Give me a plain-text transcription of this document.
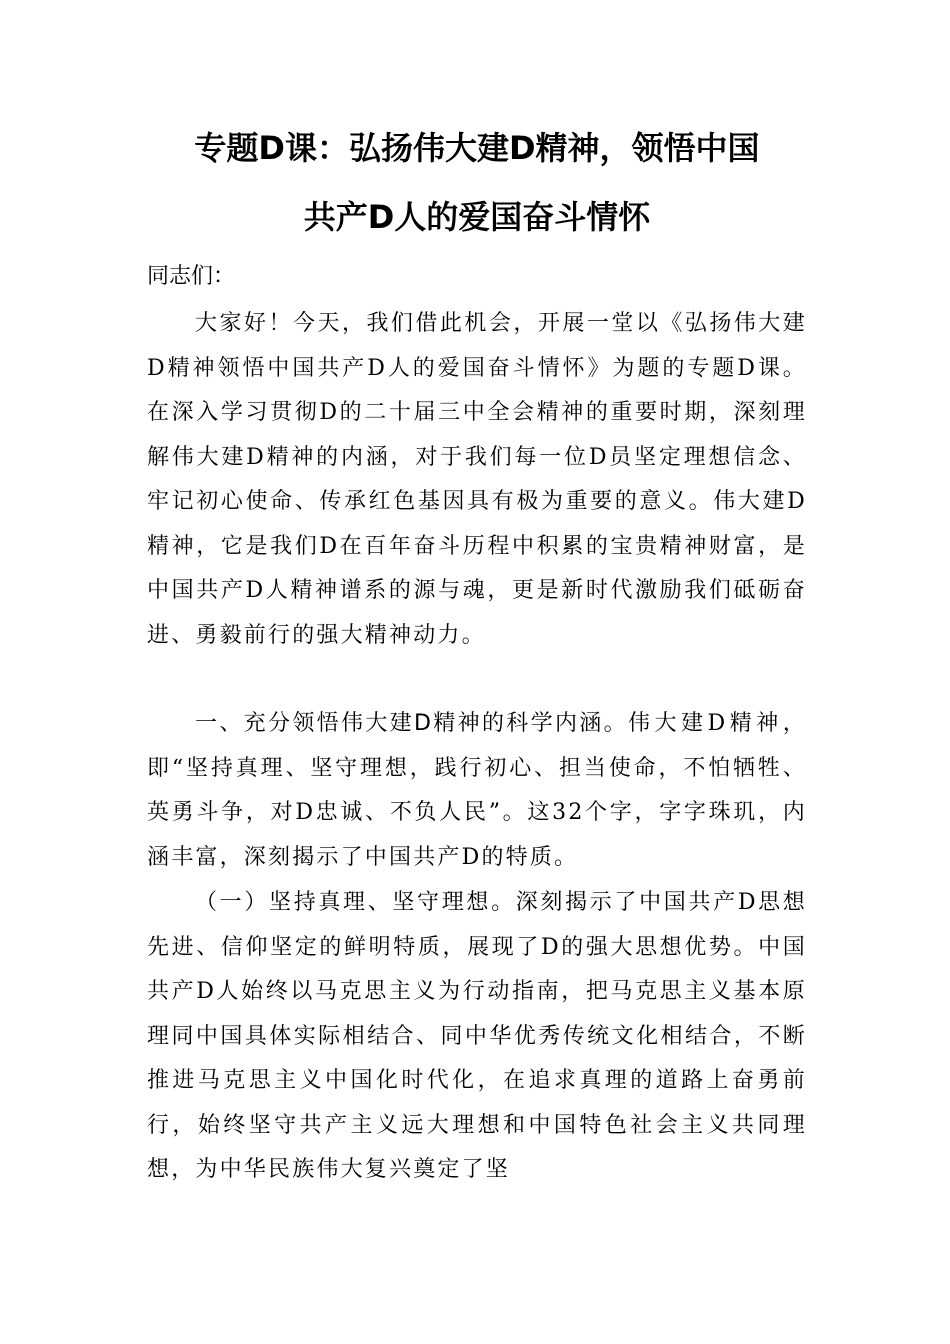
专题D课：弘扬伟大建D精神，领悟中国
共产D人的爱国奋斗情怀
同志们：

大家好！今天，我们借此机会，开展一堂以《弘扬伟大建D精神领悟中国共产D人的爱国奋斗情怀》为题的专题D课。在深入学习贯彻D的二十届三中全会精神的重要时期，深刻理解伟大建D精神的内涵，对于我们每一位D员坚定理想信念、牢记初心使命、传承红色基因具有极为重要的意义。伟大建D精神，它是我们D在百年奋斗历程中积累的宝贵精神财富，是中国共产D人精神谱系的源与魂，更是新时代激励我们砥砺奋进、勇毅前行的强大精神动力。

一、充分领悟伟大建D精神的科学内涵。伟大建D精神，即“坚持真理、坚守理想，践行初心、担当使命，不怕牺牲、英勇斗争，对D忠诚、不负人民”。这32个字，字字珠玑，内涵丰富，深刻揭示了中国共产D的特质。

（一）坚持真理、坚守理想。深刻揭示了中国共产D思想先进、信仰坚定的鲜明特质，展现了D的强大思想优势。中国共产D人始终以马克思主义为行动指南，把马克思主义基本原理同中国具体实际相结合、同中华优秀传统文化相结合，不断推进马克思主义中国化时代化，在追求真理的道路上奋勇前行，始终坚守共产主义远大理想和中国特色社会主义共同理想，为中华民族伟大复兴奠定了坚
